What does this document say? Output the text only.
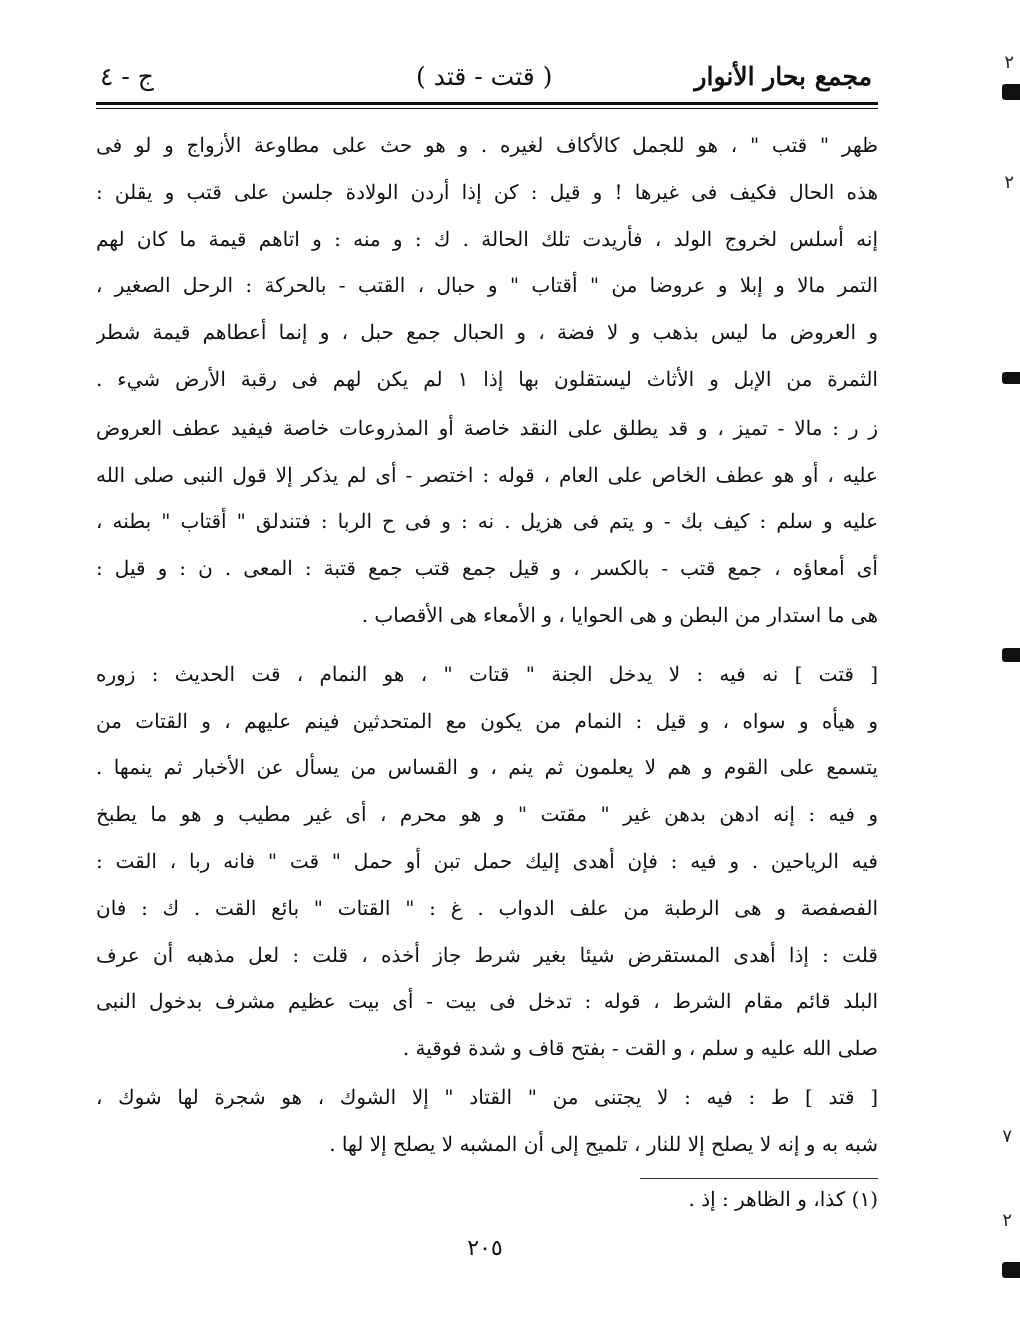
مجمع بحار الأنوار
( قتت - قتد )
ج - ٤
ظهر " قتب " ، هو للجمل كالأكاف لغيره . و هو حث على مطاوعة الأزواج و لو فى
هذه الحال فكيف فى غيرها ! و قيل : كن إذا أردن الولادة جلسن على قتب و يقلن :
إنه أسلس لخروج الولد ، فأريدت تلك الحالة . ك : و منه : و اتاهم قيمة ما كان لهم
التمر مالا و إبلا و عروضا من " أقتاب " و حبال ، القتب - بالحركة : الرحل الصغير ،
و العروض ما ليس بذهب و لا فضة ، و الحبال جمع حبل ، و إنما أعطاهم قيمة شطر
الثمرة من الإبل و الأثاث ليستقلون بها إذا ١ لم يكن لهم فى رقبة الأرض شيء .
ز ر : مالا - تميز ، و قد يطلق على النقد خاصة أو المذروعات خاصة فيفيد عطف العروض
عليه ، أو هو عطف الخاص على العام ، قوله : اختصر - أى لم يذكر إلا قول النبى صلى الله
عليه و سلم : كيف بك - و يتم فى هزيل . نه : و فى ح الربا : فتندلق " أقتاب " بطنه ،
أى أمعاؤه ، جمع قتب - بالكسر ، و قيل جمع قتب جمع قتبة : المعى . ن : و قيل :
هى ما استدار من البطن و هى الحوايا ، و الأمعاء هى الأقصاب .
[ قتت ] نه فيه : لا يدخل الجنة " قتات " ، هو النمام ، قت الحديث : زوره
و هيأه و سواه ، و قيل : النمام من يكون مع المتحدثين فينم عليهم ، و القتات من
يتسمع على القوم و هم لا يعلمون ثم ينم ، و القساس من يسأل عن الأخبار ثم ينمها .
و فيه : إنه ادهن بدهن غير " مقتت " و هو محرم ، أى غير مطيب و هو ما يطبخ
فيه الرياحين . و فيه : فإن أهدى إليك حمل تبن أو حمل " قت " فانه ربا ، القت :
الفصفصة و هى الرطبة من علف الدواب . غ : " القتات " بائع القت . ك : فان
قلت : إذا أهدى المستقرض شيئا بغير شرط جاز أخذه ، قلت : لعل مذهبه أن عرف
البلد قائم مقام الشرط ، قوله : تدخل فى بيت - أى بيت عظيم مشرف بدخول النبى
صلى الله عليه و سلم ، و القت - بفتح قاف و شدة فوقية .
[ قتد ] ط : فيه : لا يجتنى من " القتاد " إلا الشوك ، هو شجرة لها شوك ،
شبه به و إنه لا يصلح إلا للنار ، تلميح إلى أن المشبه لا يصلح إلا لها .
(١) كذا، و الظاهر : إذ .
٢٠٥
٢
٢
٧
٢
